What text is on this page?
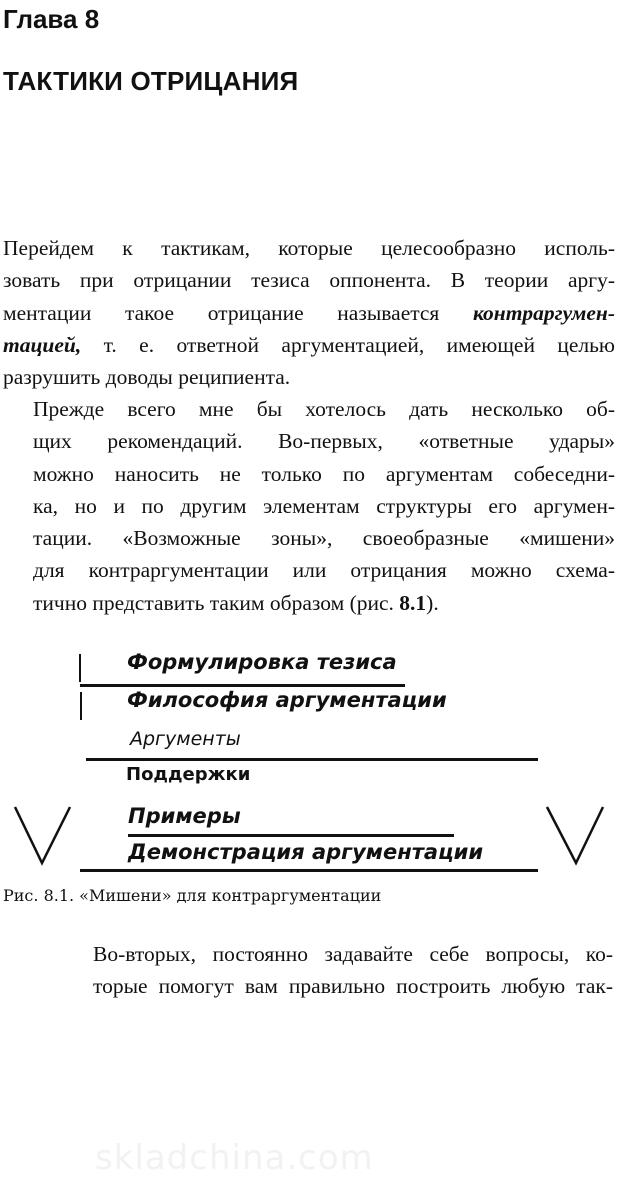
Глава 8
ТАКТИКИ ОТРИЦАНИЯ

Перейдем к тактикам, которые целесообразно исполь-
зовать при отрицании тезиса оппонента. В теории аргу-
ментации такое отрицание называется контраргумен-
тацией, т. е. ответной аргументацией, имеющей целью
разрушить доводы реципиента.

Прежде всего мне бы хотелось дать несколько об-
щих рекомендаций. Во-первых, «ответные удары»
можно наносить не только по аргументам собеседни-
ка, но и по другим элементам структуры его аргумен-
тации. «Возможные зоны», своеобразные «мишени»
для контраргументации или отрицания можно схема-
тично представить таким образом (рис. 8.1).

Формулировка тезиса
Философия аргументации
Аргументы
Поддержки
Примеры
Демонстрация аргументации

Рис. 8.1. «Мишени» для контраргументации

Во-вторых, постоянно задавайте себе вопросы, ко-
торые помогут вам правильно построить любую так-

skladchina.com
